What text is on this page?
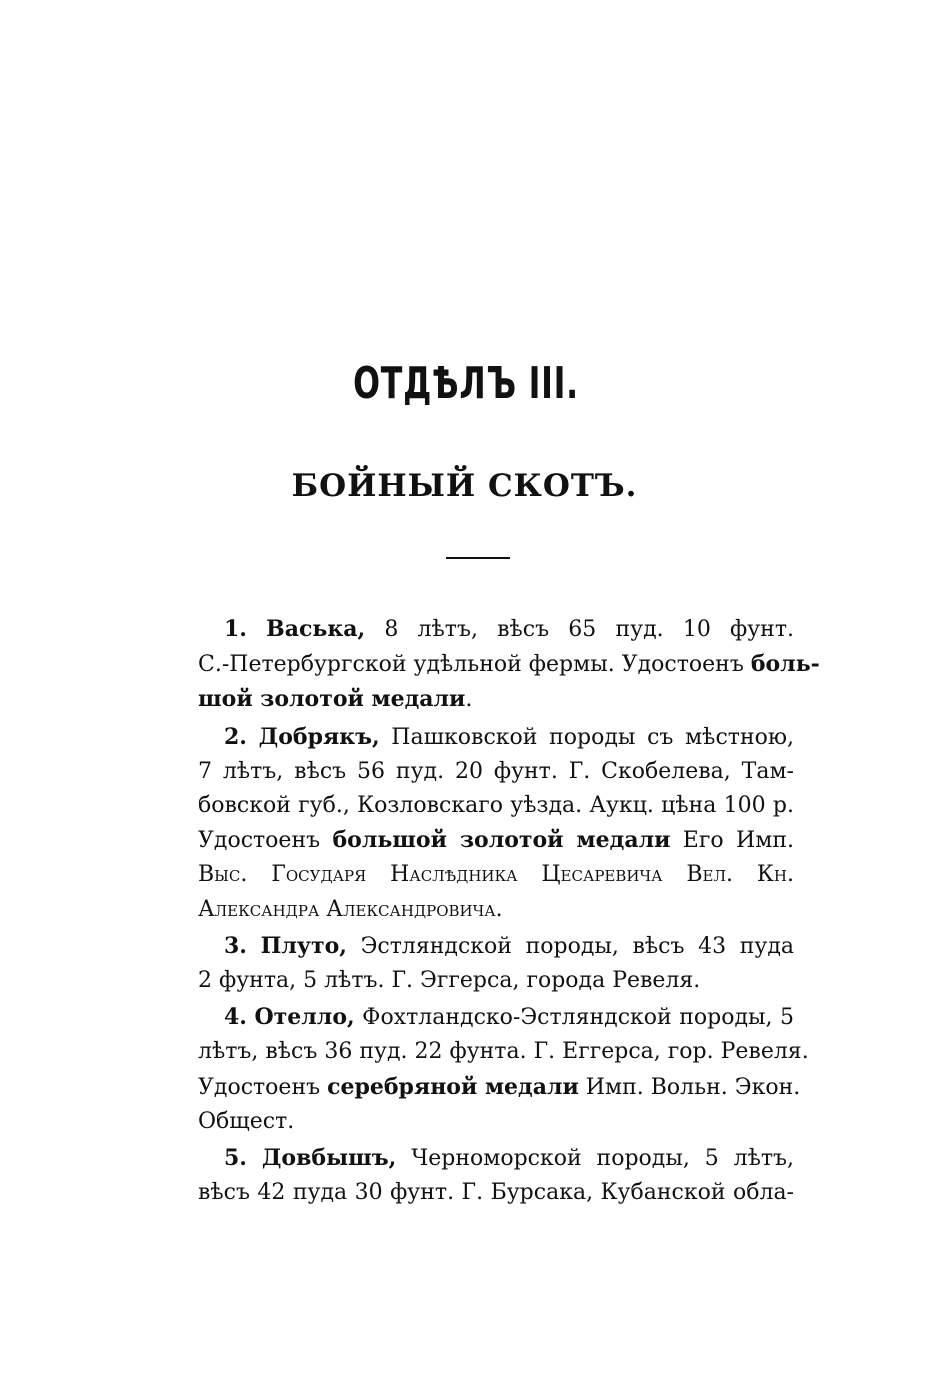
ОТДѢЛЪ III.
БОЙНЫЙ СКОТЪ.
1. Васька, 8 лѣтъ, вѣсъ 65 пуд. 10 фунт.
С.-Петербургской удѣльной фермы. Удостоенъ боль-
шой золотой медали.
2. Добрякъ, Пашковской породы съ мѣстною,
7 лѣтъ, вѣсъ 56 пуд. 20 фунт. Г. Скобелева, Там-
бовской губ., Козловскаго уѣзда. Аукц. цѣна 100 р.
Удостоенъ большой золотой медали Его Имп.
Выс. Государя Наслѣдника Цесаревича Вел. Кн.
Александра Александровича.
3. Плуто, Эстляндской породы, вѣсъ 43 пуда
2 фунта, 5 лѣтъ. Г. Эггерса, города Ревеля.
4. Отелло, Фохтландско-Эстляндской породы, 5
лѣтъ, вѣсъ 36 пуд. 22 фунта. Г. Еггерса, гор. Ревеля.
Удостоенъ серебряной медали Имп. Вольн. Экон.
Общест.
5. Довбышъ, Черноморской породы, 5 лѣтъ,
вѣсъ 42 пуда 30 фунт. Г. Бурсака, Кубанской обла-
